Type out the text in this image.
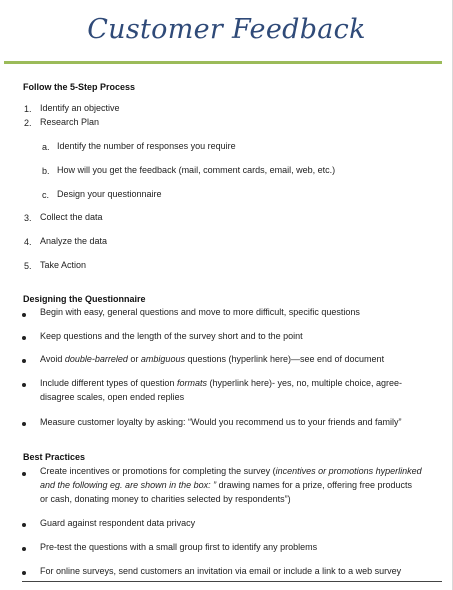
Customer Feedback
Follow the 5-Step Process
1. Identify an objective
2. Research Plan
a. Identify the number of responses you require
b. How will you get the feedback (mail, comment cards, email, web, etc.)
c. Design your questionnaire
3. Collect the data
4. Analyze the data
5. Take Action
Designing the Questionnaire
Begin with easy, general questions and move to more difficult, specific questions
Keep questions and the length of the survey short and to the point
Avoid double-barreled or ambiguous questions (hyperlink here)—see end of document
Include different types of question formats (hyperlink here)- yes, no, multiple choice, agree-
disagree scales, open ended replies
Measure customer loyalty by asking: “Would you recommend us to your friends and family”
Best Practices
Create incentives or promotions for completing the survey (incentives or promotions hyperlinked
and the following eg. are shown in the box: ” drawing names for a prize, offering free products
or cash, donating money to charities selected by respondents”)
Guard against respondent data privacy
Pre-test the questions with a small group first to identify any problems
For online surveys, send customers an invitation via email or include a link to a web survey
